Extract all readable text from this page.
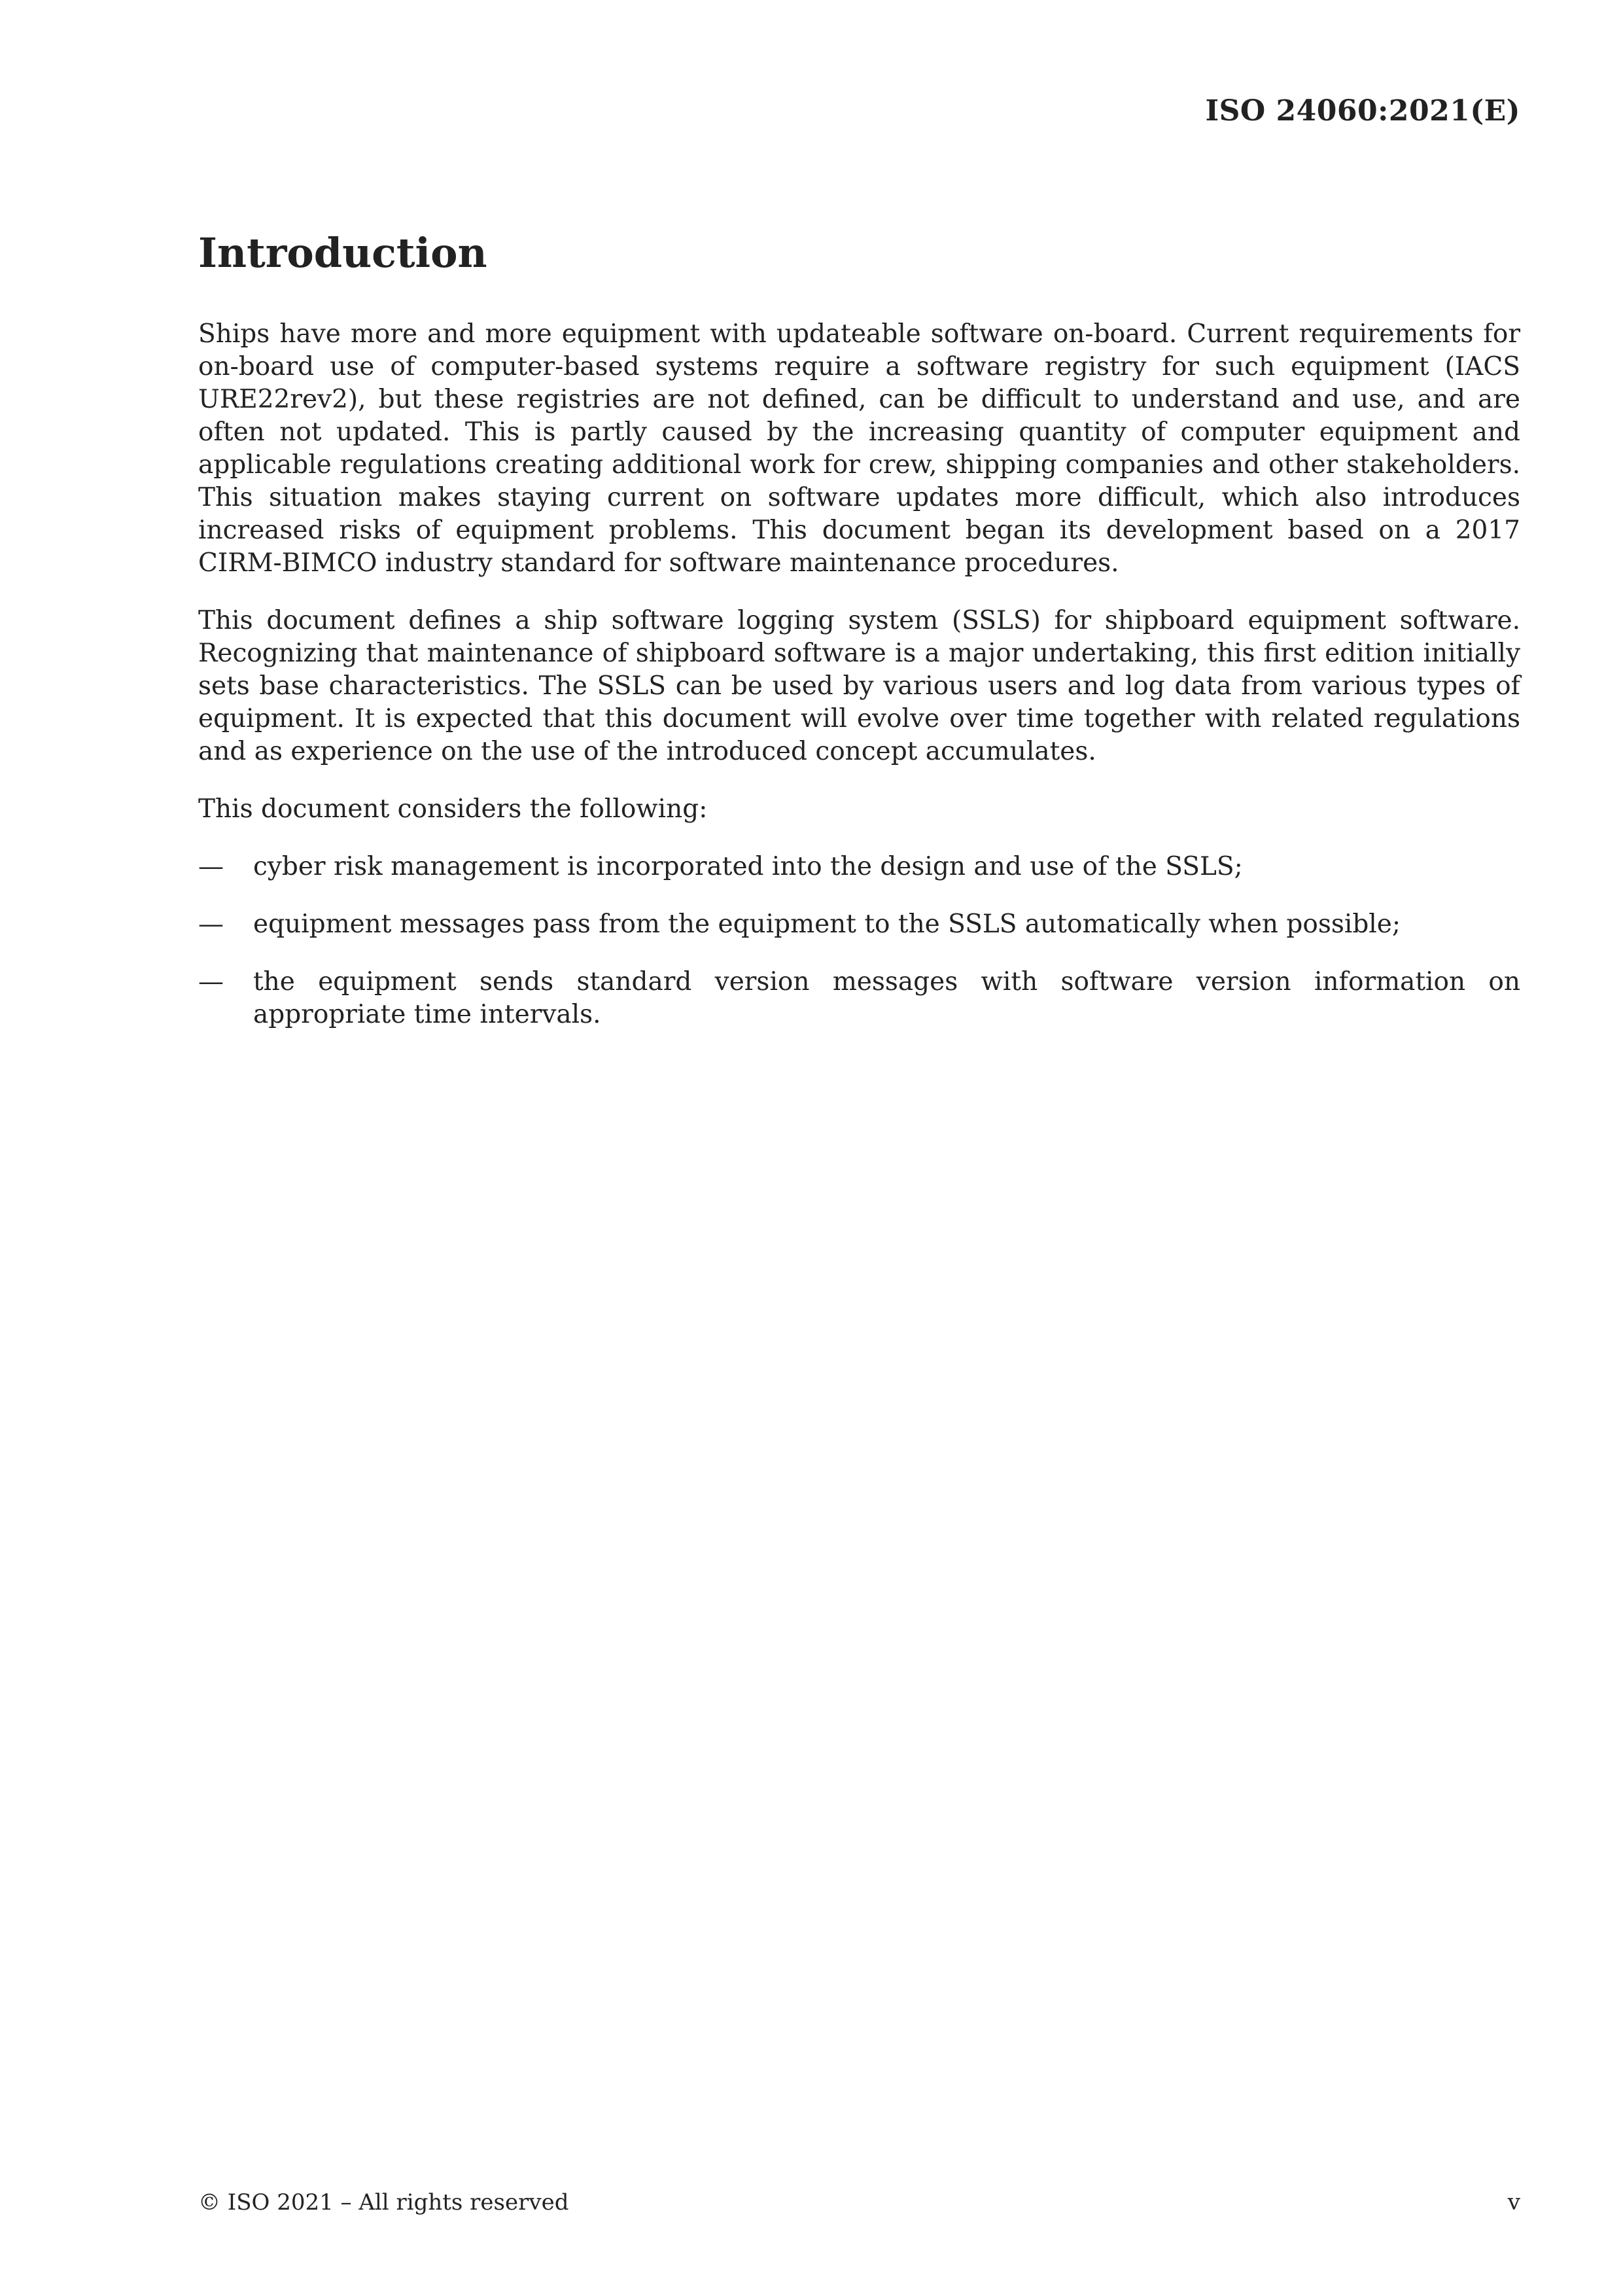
ISO 24060:2021(E)
Introduction

Ships have more and more equipment with updateable software on-board. Current requirements for on-board use of computer-based systems require a software registry for such equipment (IACS URE22rev2), but these registries are not defined, can be difficult to understand and use, and are often not updated. This is partly caused by the increasing quantity of computer equipment and applicable regulations creating additional work for crew, shipping companies and other stakeholders. This situation makes staying current on software updates more difficult, which also introduces increased risks of equipment problems. This document began its development based on a 2017 CIRM-BIMCO industry standard for software maintenance procedures.

This document defines a ship software logging system (SSLS) for shipboard equipment software. Recognizing that maintenance of shipboard software is a major undertaking, this first edition initially sets base characteristics. The SSLS can be used by various users and log data from various types of equipment. It is expected that this document will evolve over time together with related regulations and as experience on the use of the introduced concept accumulates.

This document considers the following:

— cyber risk management is incorporated into the design and use of the SSLS;
— equipment messages pass from the equipment to the SSLS automatically when possible;
— the equipment sends standard version messages with software version information on appropriate time intervals.
© ISO 2021 – All rights reserved	v
